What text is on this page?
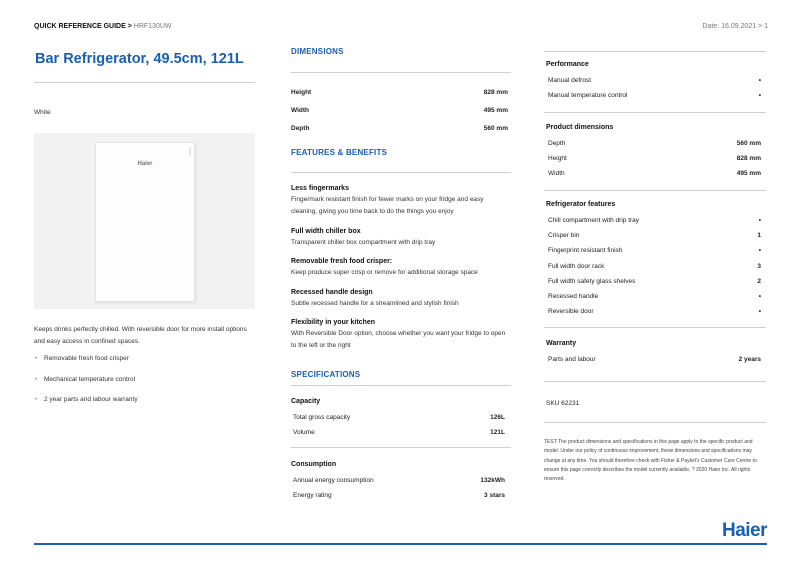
QUICK REFERENCE GUIDE > HRF130UW	Date: 16.09.2021 > 1
Bar Refrigerator, 49.5cm, 121L
White
Haier
Keeps drinks perfectly chilled. With reversible door for more install options and easy access in confined spaces.
• Removable fresh food crisper
• Mechanical temperature control
• 2 year parts and labour warranty
DIMENSIONS
Height	828 mm
Width	495 mm
Depth	560 mm
FEATURES & BENEFITS
Less fingermarks
Fingermark resistant finish for fewer marks on your fridge and easy cleaning, giving you time back to do the things you enjoy
Full width chiller box
Transparent chiller box compartment with drip tray
Removable fresh food crisper:
Keep produce super crisp or remove for additional storage space
Recessed handle design
Subtle recessed handle for a streamlined and stylish finish
Flexibility in your kitchen
With Reversible Door option, choose whether you want your fridge to open to the left or the right
SPECIFICATIONS
Capacity
Total gross capacity	126L
Volume	121L
Consumption
Annual energy consumption	132kWh
Energy rating	3 stars
Performance
Manual defrost	•
Manual temperature control	•
Product dimensions
Depth	560 mm
Height	828 mm
Width	495 mm
Refrigerator features
Chill compartment with drip tray	•
Crisper bin	1
Fingerprint resistant finish	•
Full width door rack	3
Full width safety glass shelves	2
Recessed handle	•
Reversible door	•
Warranty
Parts and labour	2 years
SKU 62231
TEST The product dimensions and specifications in this page apply to the specific product and model. Under our policy of continuous improvement, these dimensions and specifications may change at any time. You should therefore check with Fisher & Paykel's Customer Care Centre to ensure this page correctly describes the model currently available. ? 2020 Haier Inc. All rights reserved.
Haier
